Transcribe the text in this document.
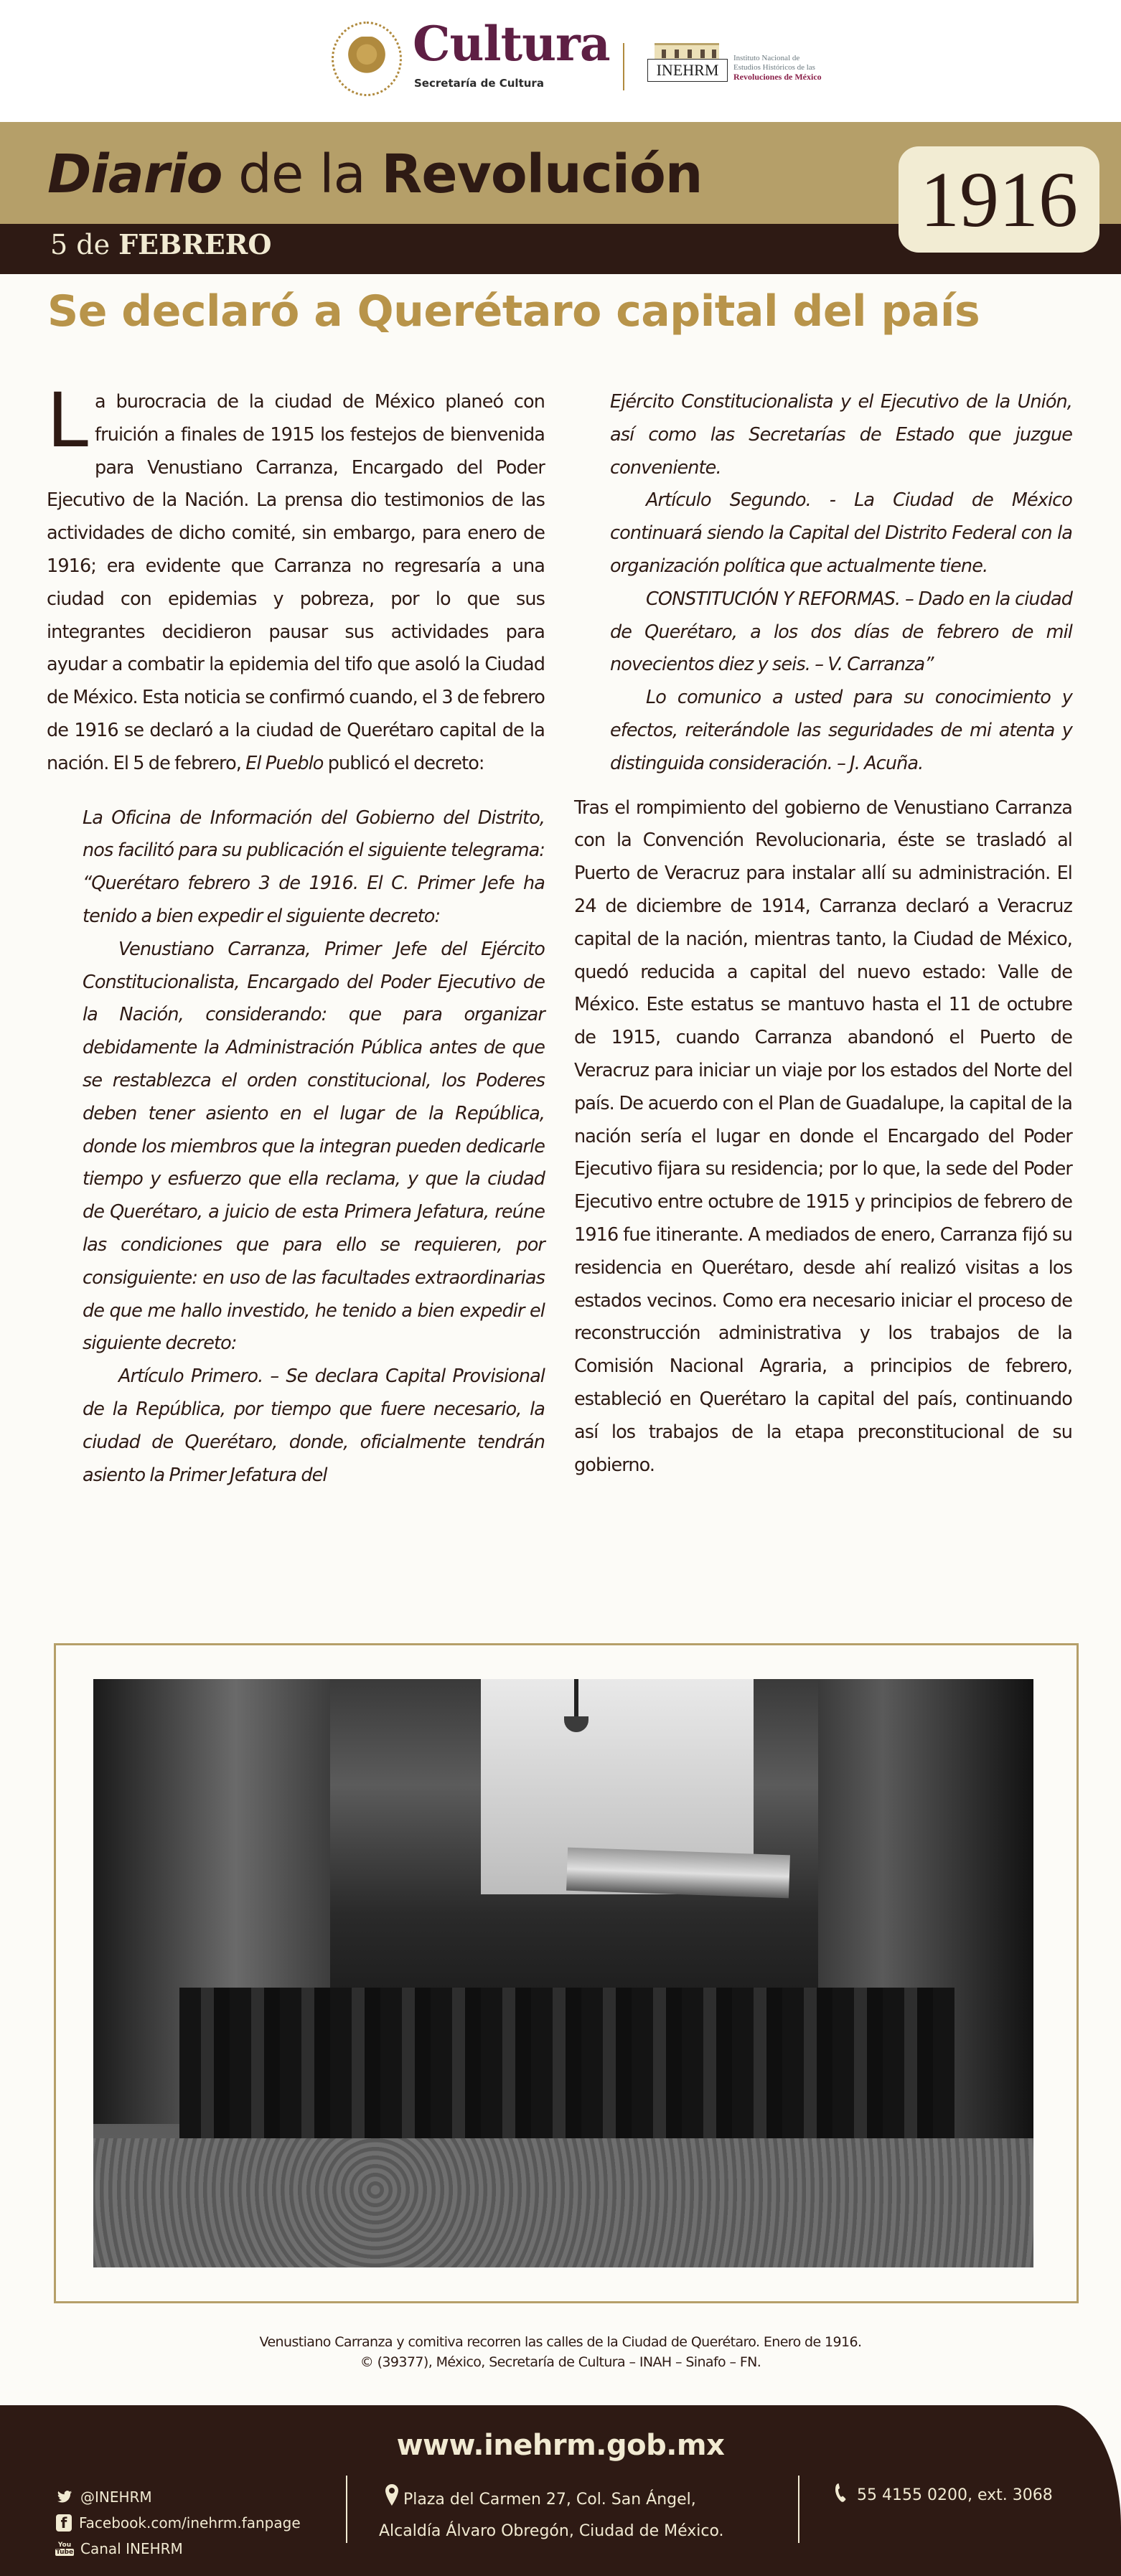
Cultura
Secretaría de Cultura
INEHRM
Instituto Nacional de
Estudios Históricos de las
Revoluciones de México
Diario de la Revolución
5 de FEBRERO
1916
Se declaró a Querétaro capital del país

La burocracia de la ciudad de México planeó con fruición a finales de 1915 los festejos de bienvenida para Venustiano Carranza, Encargado del Poder Ejecutivo de la Nación. La prensa dio testimonios de las actividades de dicho comité, sin embargo, para enero de 1916; era evidente que Carranza no regresaría a una ciudad con epidemias y pobreza, por lo que sus integrantes decidieron pausar sus actividades para ayudar a combatir la epidemia del tifo que asoló la Ciudad de México. Esta noticia se confirmó cuando, el 3 de febrero de 1916 se declaró a la ciudad de Querétaro capital de la nación. El 5 de febrero, El Pueblo publicó el decreto:

La Oficina de Información del Gobierno del Distrito, nos facilitó para su publicación el siguiente telegrama: “Querétaro febrero 3 de 1916. El C. Primer Jefe ha tenido a bien expedir el siguiente decreto:

Venustiano Carranza, Primer Jefe del Ejército Constitucionalista, Encargado del Poder Ejecutivo de la Nación, considerando: que para organizar debidamente la Administración Pública antes de que se restablezca el orden constitucional, los Poderes deben tener asiento en el lugar de la República, donde los miembros que la integran pueden dedicarle tiempo y esfuerzo que ella reclama, y que la ciudad de Querétaro, a juicio de esta Primera Jefatura, reúne las condiciones que para ello se requieren, por consiguiente: en uso de las facultades extraordinarias de que me hallo investido, he tenido a bien expedir el siguiente decreto:

Artículo Primero. – Se declara Capital Provisional de la República, por tiempo que fuere necesario, la ciudad de Querétaro, donde, oficialmente tendrán asiento la Primer Jefatura del

Ejército Constitucionalista y el Ejecutivo de la Unión, así como las Secretarías de Estado que juzgue conveniente.

Artículo Segundo. - La Ciudad de México continuará siendo la Capital del Distrito Federal con la organización política que actualmente tiene.

CONSTITUCIÓN Y REFORMAS. – Dado en la ciudad de Querétaro, a los dos días de febrero de mil novecientos diez y seis. – V. Carranza”

Lo comunico a usted para su conocimiento y efectos, reiterándole las seguridades de mi atenta y distinguida consideración. – J. Acuña.

Tras el rompimiento del gobierno de Venustiano Carranza con la Convención Revolucionaria, éste se trasladó al Puerto de Veracruz para instalar allí su administración. El 24 de diciembre de 1914, Carranza declaró a Veracruz capital de la nación, mientras tanto, la Ciudad de México, quedó reducida a capital del nuevo estado: Valle de México. Este estatus se mantuvo hasta el 11 de octubre de 1915, cuando Carranza abandonó el Puerto de Veracruz para iniciar un viaje por los estados del Norte del país. De acuerdo con el Plan de Guadalupe, la capital de la nación sería el lugar en donde el Encargado del Poder Ejecutivo fijara su residencia; por lo que, la sede del Poder Ejecutivo entre octubre de 1915 y principios de febrero de 1916 fue itinerante. A mediados de enero, Carranza fijó su residencia en Querétaro, desde ahí realizó visitas a los estados vecinos. Como era necesario iniciar el proceso de reconstrucción administrativa y los trabajos de la Comisión Nacional Agraria, a principios de febrero, estableció en Querétaro la capital del país, continuando así los trabajos de la etapa preconstitucional de su gobierno.

Venustiano Carranza y comitiva recorren las calles de la Ciudad de Querétaro. Enero de 1916.
© (39377), México, Secretaría de Cultura – INAH – Sinafo – FN.
www.inehrm.gob.mx
@INEHRM
f Facebook.com/inehrm.fanpage
You
Tube Canal INEHRM
Plaza del Carmen 27, Col. San Ángel,
Alcaldía Álvaro Obregón, Ciudad de México.
55 4155 0200, ext. 3068
